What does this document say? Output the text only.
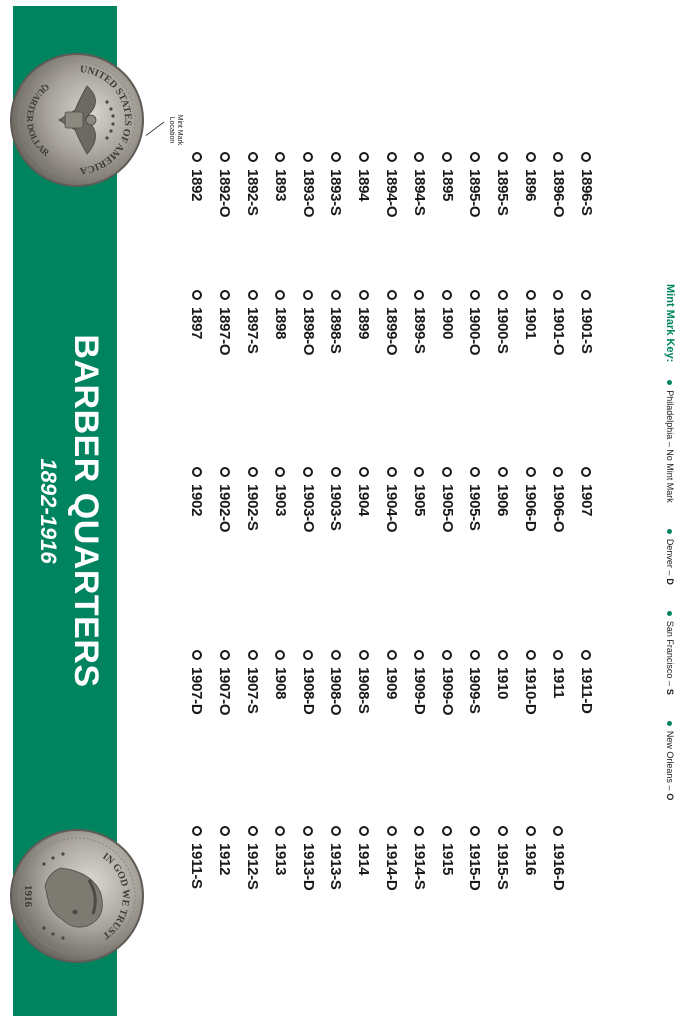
BARBER QUARTERS
1892-1916
UNITED STATES OF AMERICA
QUARTER DOLLAR
Mint Mark Location
IN GOD WE TRUST
1916
1892 1892-O 1892-S 1893 1893-O 1893-S 1894 1894-O 1894-S 1895 1895-O 1895-S 1896 1896-O 1896-S
1897 1897-O 1897-S 1898 1898-O 1898-S 1899 1899-O 1899-S 1900 1900-O 1900-S 1901 1901-O 1901-S
1902 1902-O 1902-S 1903 1903-O 1903-S 1904 1904-O 1905 1905-O 1905-S 1906 1906-D 1906-O 1907
1907-D 1907-O 1907-S 1908 1908-D 1908-O 1908-S 1909 1909-D 1909-O 1909-S 1910 1910-D 1911 1911-D
1911-S 1912 1912-S 1913 1913-D 1913-S 1914 1914-D 1914-S 1915 1915-D 1915-S 1916 1916-D
Mint Mark Key:
Philadelphia – No Mint Mark
Denver –
D
San Francisco –
S
New Orleans –
O
